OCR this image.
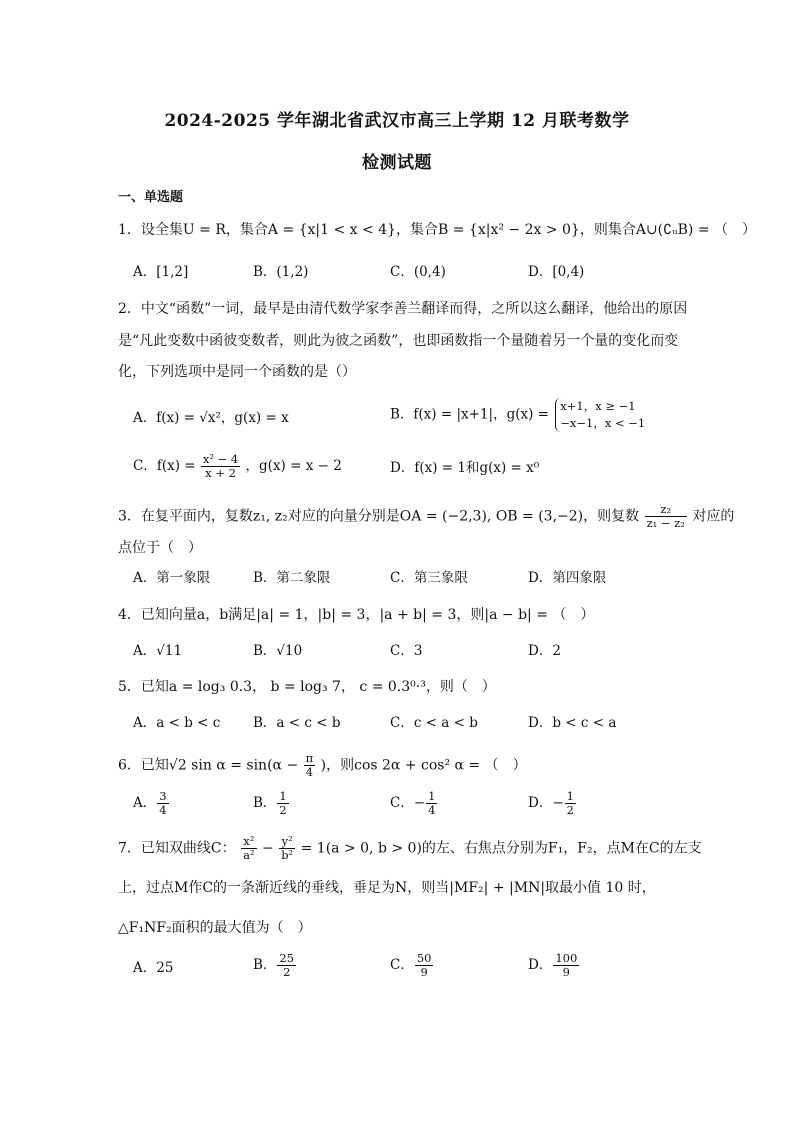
2024-2025 学年湖北省武汉市高三上学期 12 月联考数学
检测试题
一、单选题
1．设全集U = R，集合A = {x|1 < x < 4}，集合B = {x|x² − 2x > 0}，则集合A∪(∁ᵤB) = （　）
A．[1,2]	B．(1,2)	C．(0,4)	D．[0,4)
2．中文“函数”一词，最早是由清代数学家李善兰翻译而得，之所以这么翻译，他给出的原因
是“凡此变数中函彼变数者，则此为彼之函数”，也即函数指一个量随着另一个量的变化而变
化，下列选项中是同一个函数的是（）
A．f(x) = √x²，g(x) = x	B．f(x) = |x+1|，g(x) =
x+1，x ≥ −1
−x−1，x < −1
C．$f(x) = \frac{\text{x² − 4}}{x + 2}$ ，g(x) = x − 2	D．f(x) = 1和g(x) = x⁰
3．在复平面内，复数z₁, z₂对应的向量分别是OA = (−2,3), OB = (3,−2)，则复数 $\frac{\text{z₂}}{\text{z₁ − z₂}}$ 对应的
点位于（　）
A．第一象限	B．第二象限	C．第三象限	D．第四象限
4．已知向量a，b满足|a| = 1，|b| = 3，|a + b| = 3，则|a − b| = （　）
A．√11	B．√10	C．3	D．2
5．已知a = log₃ 0.3， b = log₃ 7， c = 0.3⁰·³，则（　）
A．a < b < c B．a < c < b	C．c < a < b	D．b < c < a
6．已知√2 $\sin \alpha = \sin(\alpha - \frac{\pi}{4}$ )，则cos 2α + cos² α = （　）
A． $\frac{3}{4}$	B． $\frac{1}{2}$	C．− $\frac{1}{4}$	D．− $\frac{1}{2}$
7．已知双曲线C： $\frac{\text{x²}}{\text{a²}} - \frac{\text{y²}}{\text{b²}} = 1(a > 0$, b > 0)的左、右焦点分别为F₁，F₂，点M在C的左支
上，过点M作C的一条渐近线的垂线，垂足为N，则当|MF₂| + |MN|取最小值 10 时，
△F₁NF₂面积的最大值为（　）
A．25	B． $\frac{25}{2}$	C． $\frac{50}{9}$	D． $\frac{100}{9}$
